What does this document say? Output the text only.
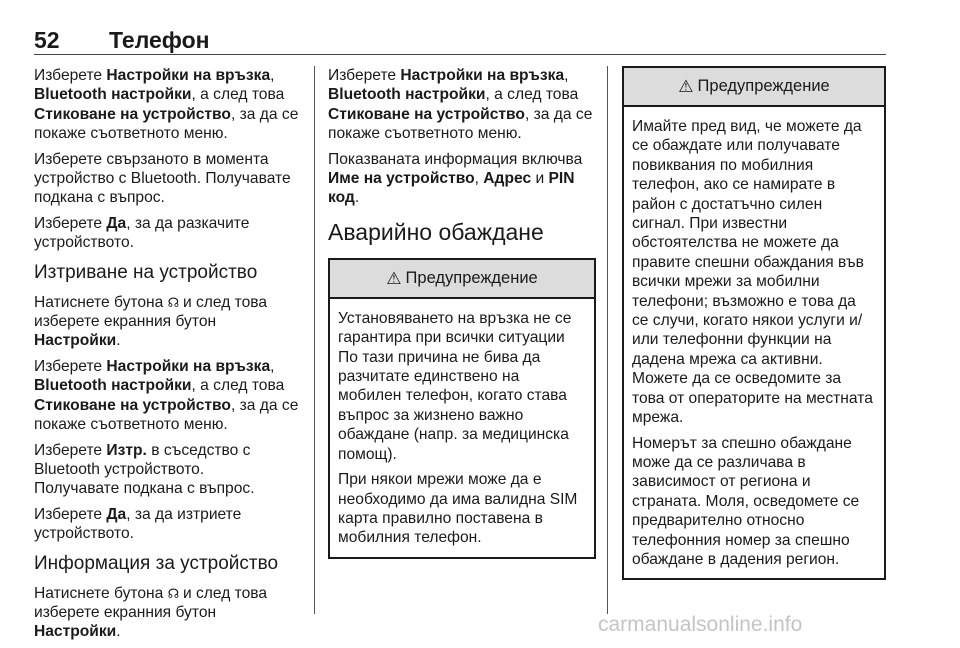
52 Телефон

Изберете Настройки на връзка, Bluetooth настройки, а след това Стиковане на устройство, за да се покаже съответното меню.

Изберете свързаното в момента устройство с Bluetooth. Получавате подкана с въпрос.

Изберете Да, за да разкачите устройството.

Изтриване на устройство

Натиснете бутона ☊ и след това изберете екранния бутон Настройки.

Изберете Настройки на връзка, Bluetooth настройки, а след това Стиковане на устройство, за да се покаже съответното меню.

Изберете Изтр. в съседство с Bluetooth устройството.
Получавате подкана с въпрос.

Изберете Да, за да изтриете устройството.

Информация за устройство

Натиснете бутона ☊ и след това изберете екранния бутон Настройки.

Изберете Настройки на връзка, Bluetooth настройки, а след това Стиковане на устройство, за да се покаже съответното меню.

Показваната информация включва Име на устройство, Адрес и PIN код.

Аварийно обаждане
⚠ Предупреждение

Установяването на връзка не се гарантира при всички ситуации По тази причина не бива да разчитате единствено на мобилен телефон, когато става въпрос за жизнено важно обаждане (напр. за медицинска помощ).

При някои мрежи може да е необходимо да има валидна SIM карта правилно поставена в мобилния телефон.

⚠ Предупреждение

Имайте пред вид, че можете да се обаждате или получавате повиквания по мобилния телефон, ако се намирате в район с достатъчно силен сигнал. При известни обстоятелства не можете да правите спешни обаждания във всички мрежи за мобилни телефони; възможно е това да се случи, когато някои услуги и/или телефонни функции на дадена мрежа са активни. Можете да се осведомите за това от операторите на местната мрежа.

Номерът за спешно обаждане може да се различава в зависимост от региона и страната. Моля, осведомете се предварително относно телефонния номер за спешно обаждане в дадения регион.

carmanualsonline.info
